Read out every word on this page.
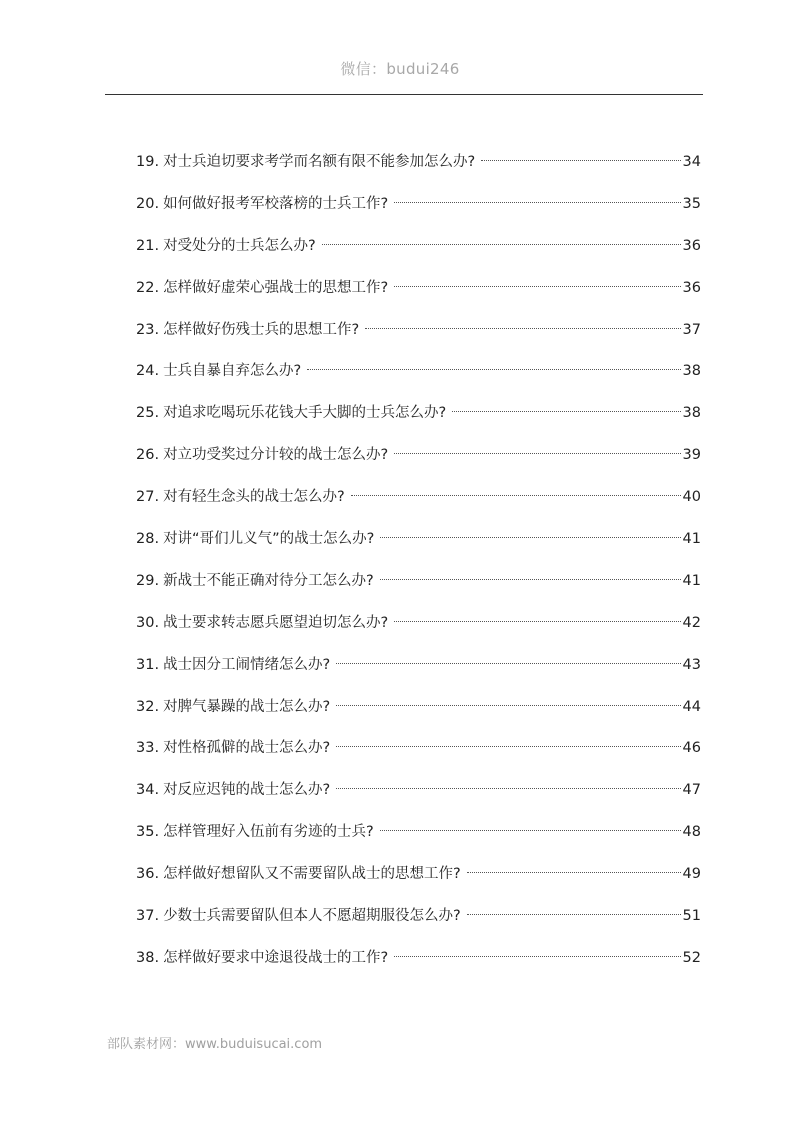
微信：budui246
19. 对士兵迫切要求考学而名额有限不能参加怎么办?	34
20. 如何做好报考军校落榜的士兵工作?	35
21. 对受处分的士兵怎么办?	36
22. 怎样做好虚荣心强战士的思想工作?	36
23. 怎样做好伤残士兵的思想工作?	37
24. 士兵自暴自弃怎么办?	38
25. 对追求吃喝玩乐花钱大手大脚的士兵怎么办?	38
26. 对立功受奖过分计较的战士怎么办?	39
27. 对有轻生念头的战士怎么办?	40
28. 对讲“哥们儿义气”的战士怎么办?	41
29. 新战士不能正确对待分工怎么办?	41
30. 战士要求转志愿兵愿望迫切怎么办?	42
31. 战士因分工闹情绪怎么办?	43
32. 对脾气暴躁的战士怎么办?	44
33. 对性格孤僻的战士怎么办?	46
34. 对反应迟钝的战士怎么办?	47
35. 怎样管理好入伍前有劣迹的士兵?	48
36. 怎样做好想留队又不需要留队战士的思想工作?	49
37. 少数士兵需要留队但本人不愿超期服役怎么办?	51
38. 怎样做好要求中途退役战士的工作?	52
部队素材网：www.buduisucai.com
